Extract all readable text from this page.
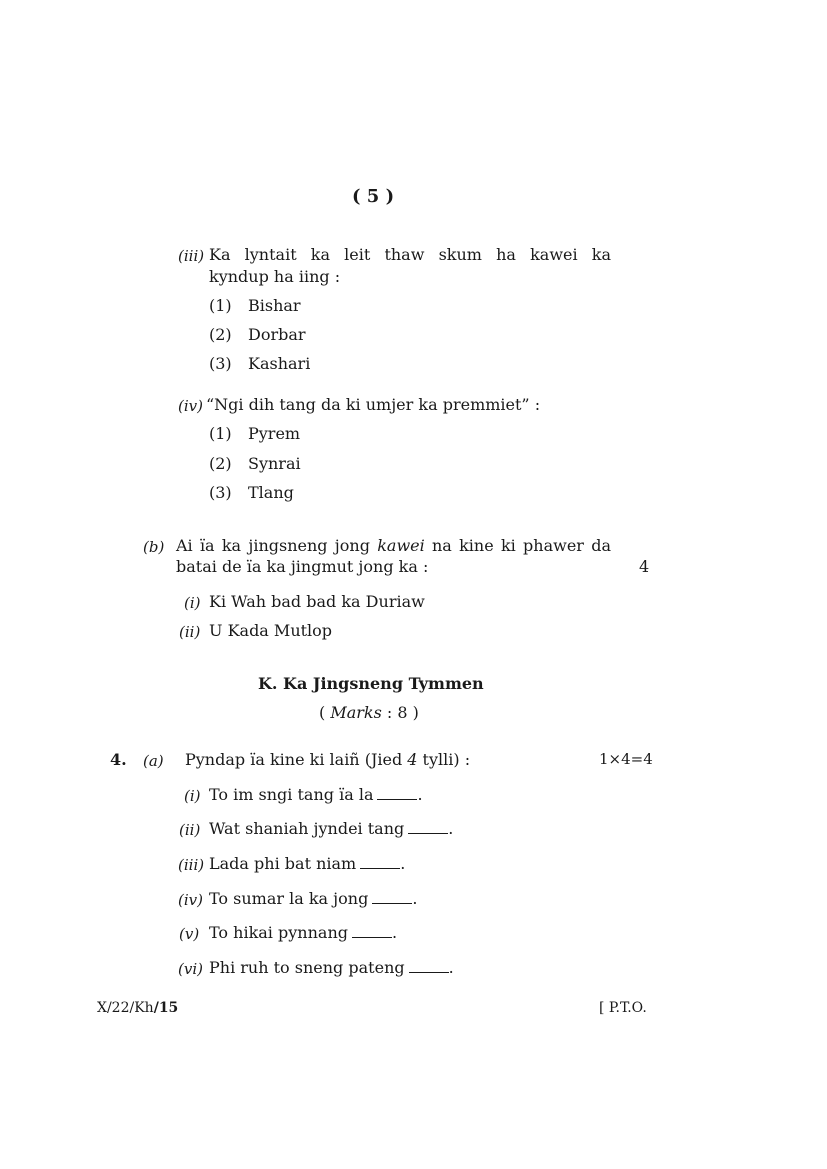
( 5 )
(iii) Ka lyntait ka leit thaw skum ha kawei ka
kyndup ha iing :
(1) Bishar
(2) Dorbar
(3) Kashari
(iv) “Ngi dih tang da ki umjer ka premmiet” :
(1) Pyrem
(2) Synrai
(3) Tlang
(b) Ai ïa ka jingsneng jong kawei na kine ki phawer da
batai de ïa ka jingmut jong ka :	4
(i) Ki Wah bad bad ka Duriaw
(ii) U Kada Mutlop
K. Ka Jingsneng Tymmen
( Marks : 8 )
4. (a) Pyndap ïa kine ki laiñ (Jied 4 tylli) :	1×4=4
(i) To im sngi tang ïa la	.
(ii) Wat shaniah jyndei tang	.
(iii) Lada phi bat niam	.
(iv) To sumar la ka jong	.
(v) To hikai pynnang	.
(vi) Phi ruh to sneng pateng	.
X/22/Kh/15	[ P.T.O.
